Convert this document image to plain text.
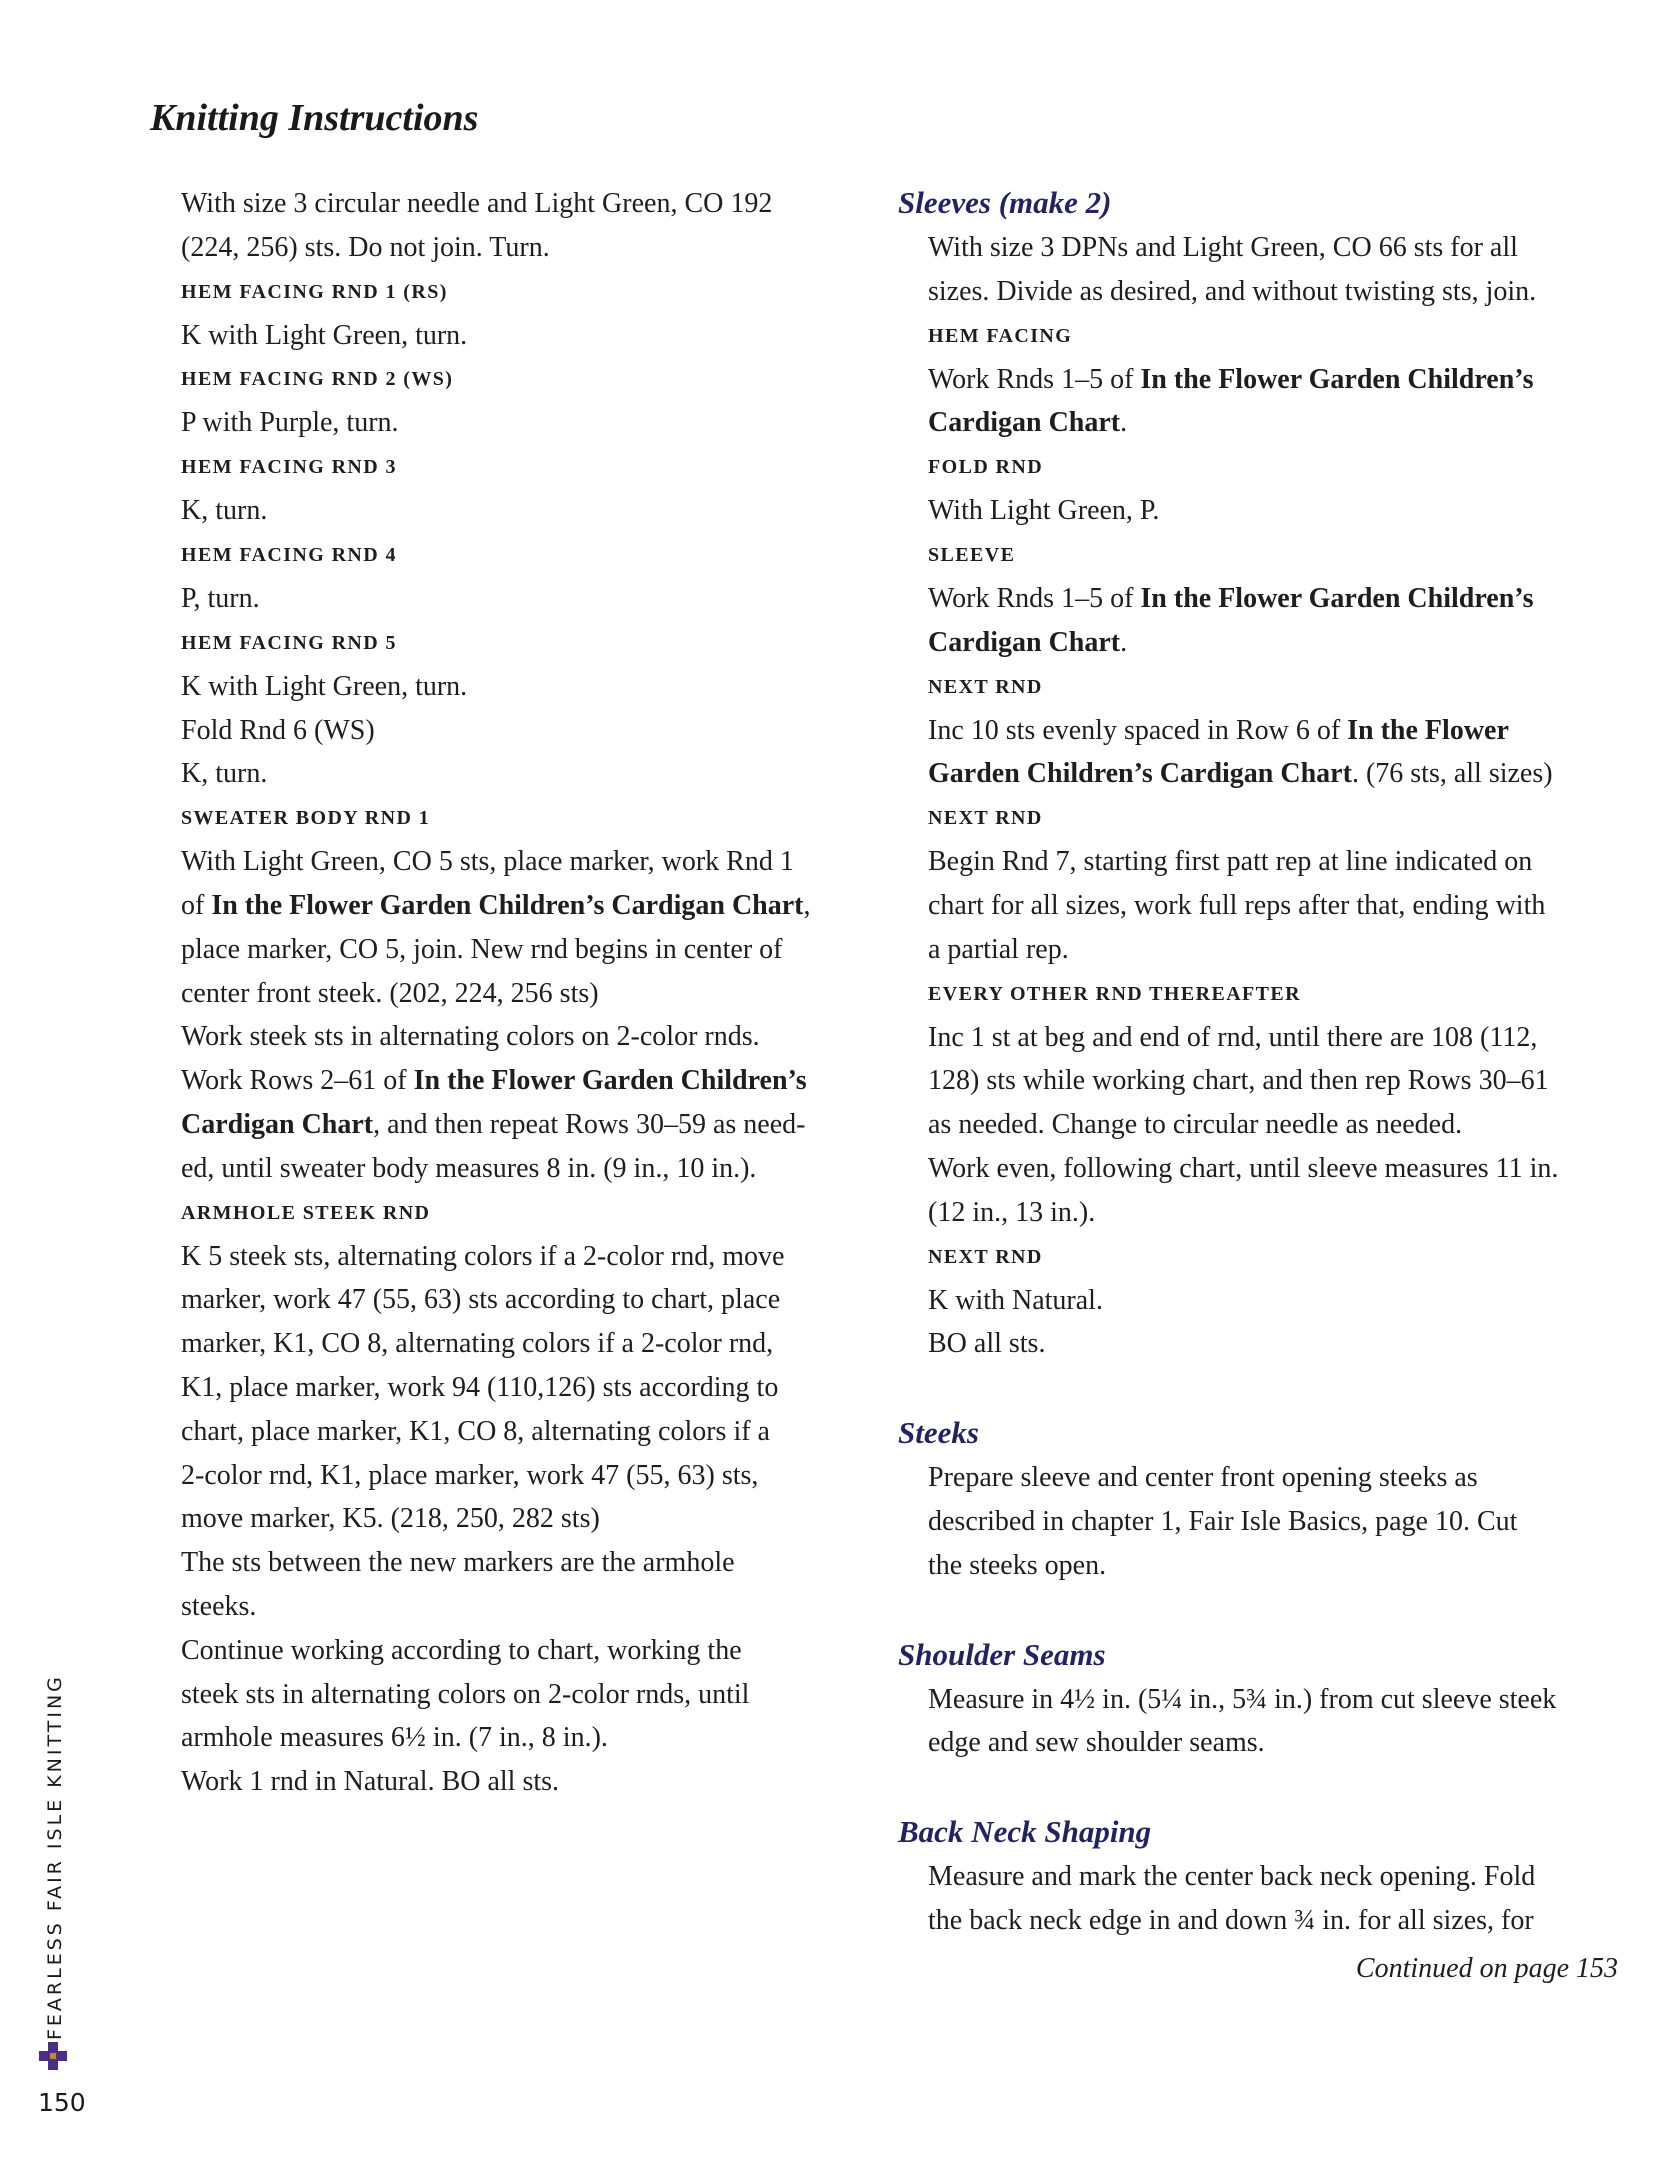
Knitting Instructions
With size 3 circular needle and Light Green, CO 192
(224, 256) sts. Do not join. Turn.
HEM FACING RND 1 (RS)
K with Light Green, turn.
HEM FACING RND 2 (WS)
P with Purple, turn.
HEM FACING RND 3
K, turn.
HEM FACING RND 4
P, turn.
HEM FACING RND 5
K with Light Green, turn.
Fold Rnd 6 (WS)
K, turn.
SWEATER BODY RND 1
With Light Green, CO 5 sts, place marker, work Rnd 1
of In the Flower Garden Children’s Cardigan Chart,
place marker, CO 5, join. New rnd begins in center of
center front steek. (202, 224, 256 sts)
Work steek sts in alternating colors on 2-color rnds.
Work Rows 2–61 of In the Flower Garden Children’s
Cardigan Chart, and then repeat Rows 30–59 as need-
ed, until sweater body measures 8 in. (9 in., 10 in.).
ARMHOLE STEEK RND
K 5 steek sts, alternating colors if a 2-color rnd, move
marker, work 47 (55, 63) sts according to chart, place
marker, K1, CO 8, alternating colors if a 2-color rnd,
K1, place marker, work 94 (110,126) sts according to
chart, place marker, K1, CO 8, alternating colors if a
2-color rnd, K1, place marker, work 47 (55, 63) sts,
move marker, K5. (218, 250, 282 sts)
The sts between the new markers are the armhole
steeks.
Continue working according to chart, working the
steek sts in alternating colors on 2-color rnds, until
armhole measures 6½ in. (7 in., 8 in.).
Work 1 rnd in Natural. BO all sts.
Sleeves (make 2)
With size 3 DPNs and Light Green, CO 66 sts for all
sizes. Divide as desired, and without twisting sts, join.
HEM FACING
Work Rnds 1–5 of In the Flower Garden Children’s
Cardigan Chart.
FOLD RND
With Light Green, P.
SLEEVE
Work Rnds 1–5 of In the Flower Garden Children’s
Cardigan Chart.
NEXT RND
Inc 10 sts evenly spaced in Row 6 of In the Flower
Garden Children’s Cardigan Chart. (76 sts, all sizes)
NEXT RND
Begin Rnd 7, starting first patt rep at line indicated on
chart for all sizes, work full reps after that, ending with
a partial rep.
EVERY OTHER RND THEREAFTER
Inc 1 st at beg and end of rnd, until there are 108 (112,
128) sts while working chart, and then rep Rows 30–61
as needed. Change to circular needle as needed.
Work even, following chart, until sleeve measures 11 in.
(12 in., 13 in.).
NEXT RND
K with Natural.
BO all sts.
Steeks
Prepare sleeve and center front opening steeks as
described in chapter 1, Fair Isle Basics, page 10. Cut
the steeks open.
Shoulder Seams
Measure in 4½ in. (5¼ in., 5¾ in.) from cut sleeve steek
edge and sew shoulder seams.
Back Neck Shaping
Measure and mark the center back neck opening. Fold
the back neck edge in and down ¾ in. for all sizes, for
Continued on page 153
FEARLESS FAIR ISLE KNITTING
150
